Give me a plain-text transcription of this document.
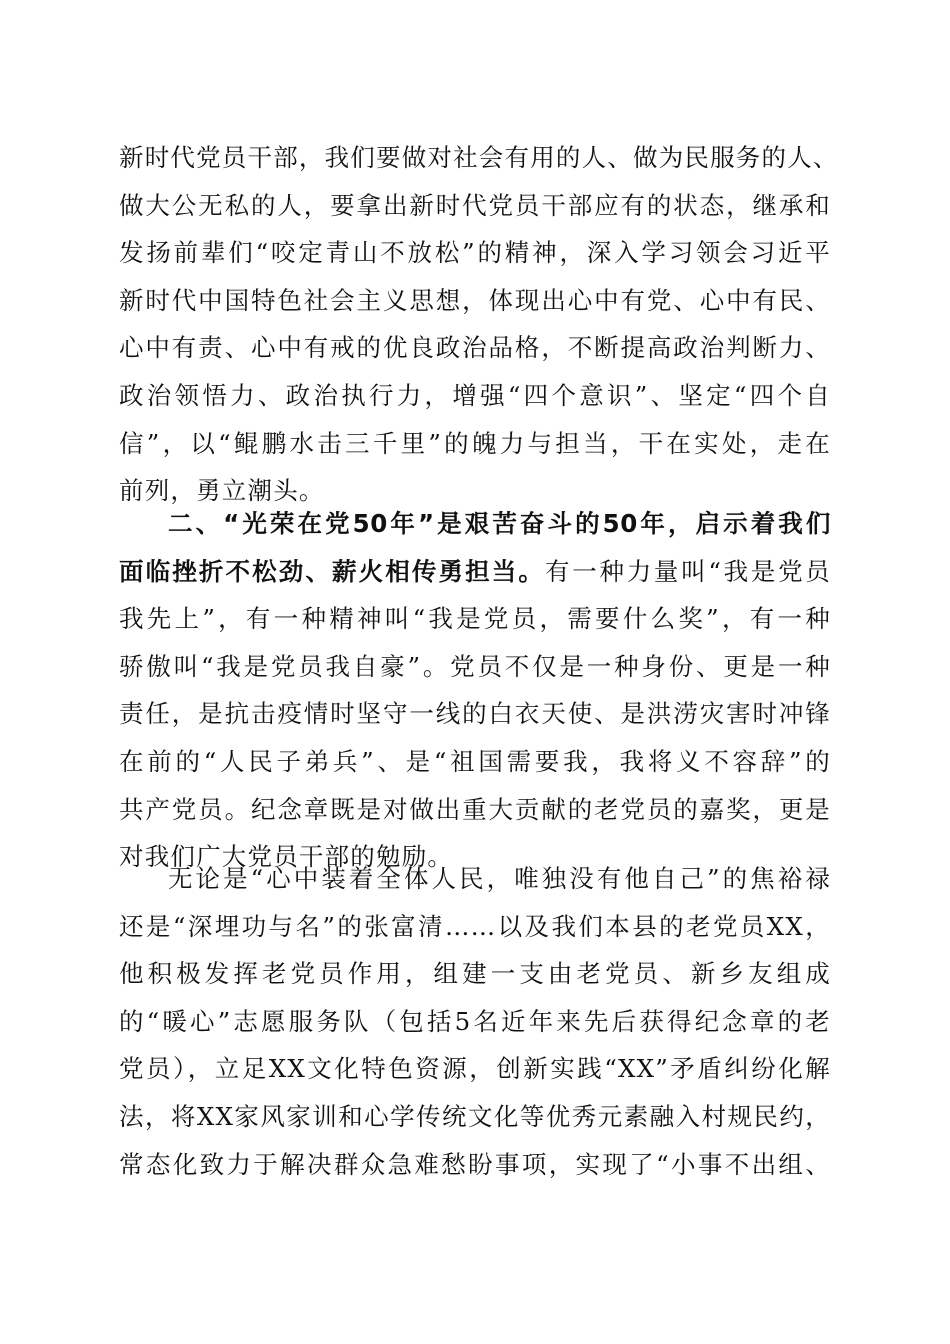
新时代党员干部，我们要做对社会有用的人、做为民服务的人、
做大公无私的人，要拿出新时代党员干部应有的状态，继承和
发扬前辈们“咬定青山不放松”的精神，深入学习领会习近平
新时代中国特色社会主义思想，体现出心中有党、心中有民、
心中有责、心中有戒的优良政治品格，不断提高政治判断力、
政治领悟力、政治执行力，增强“四个意识”、坚定“四个自
信”，以“鲲鹏水击三千里”的魄力与担当，干在实处，走在
前列，勇立潮头。
二、“光荣在党50年”是艰苦奋斗的50年，启示着我们
面临挫折不松劲、薪火相传勇担当。有一种力量叫“我是党员
我先上”，有一种精神叫“我是党员，需要什么奖”，有一种
骄傲叫“我是党员我自豪”。党员不仅是一种身份、更是一种
责任，是抗击疫情时坚守一线的白衣天使、是洪涝灾害时冲锋
在前的“人民子弟兵”、是“祖国需要我，我将义不容辞”的
共产党员。纪念章既是对做出重大贡献的老党员的嘉奖，更是
对我们广大党员干部的勉励。
无论是“心中装着全体人民，唯独没有他自己”的焦裕禄
还是“深埋功与名”的张富清……以及我们本县的老党员XX，
他积极发挥老党员作用，组建一支由老党员、新乡友组成
的“暖心”志愿服务队（包括5名近年来先后获得纪念章的老
党员），立足XX文化特色资源，创新实践“XX”矛盾纠纷化解
法，将XX家风家训和心学传统文化等优秀元素融入村规民约，
常态化致力于解决群众急难愁盼事项，实现了“小事不出组、
